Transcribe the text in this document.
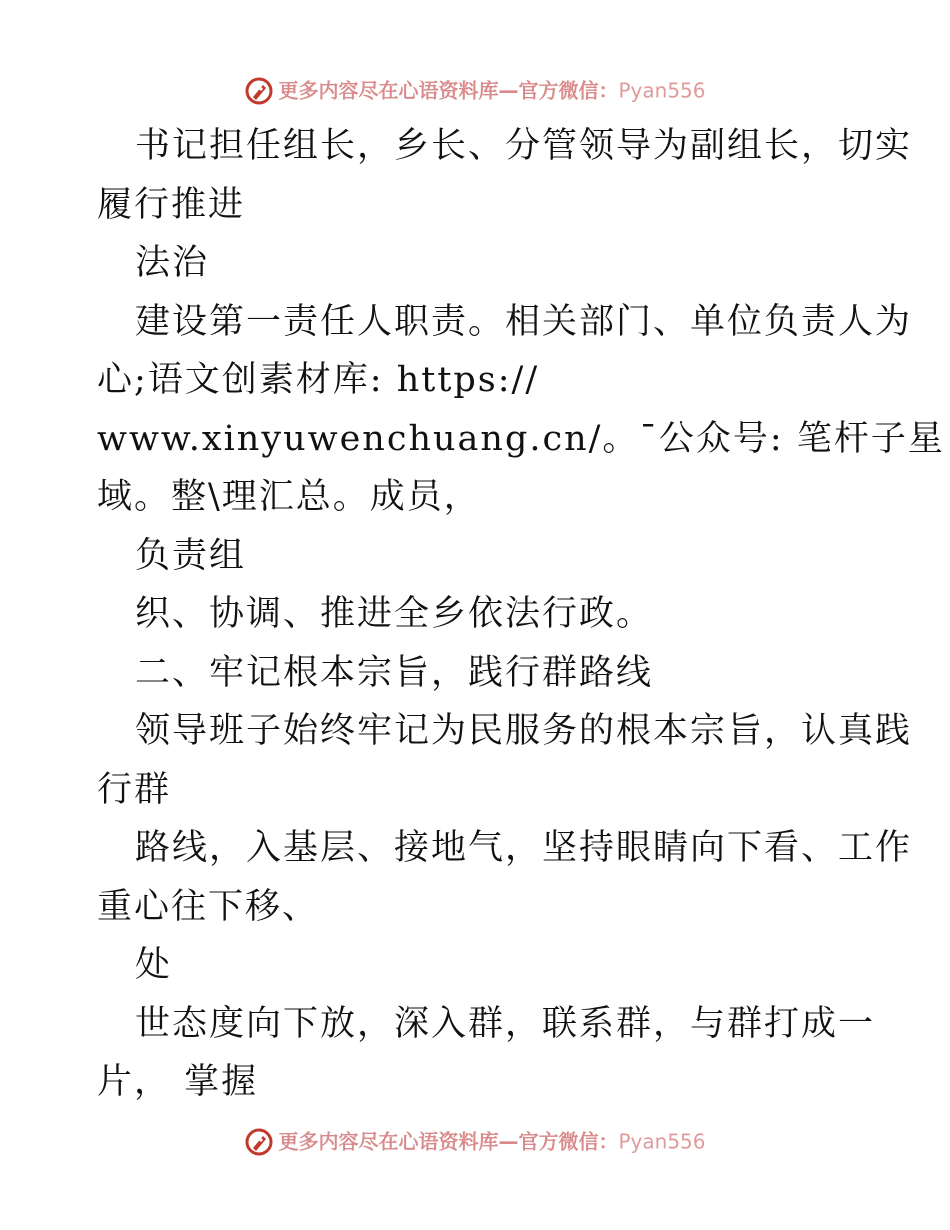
更多内容尽在心语资料库—官方微信：Pyan556
书记担任组长，乡长、分管领导为副组长，切实
履行推进
法治
建设第一责任人职责。相关部门、单位负责人为
心;语文创素材库: https://
www.xinyuwenchuang.cn/。¯公众号: 笔杆子星
域。整\理汇总。成员，
负责组
织、协调、推进全乡依法行政。
二、牢记根本宗旨，践行群路线
领导班子始终牢记为民服务的根本宗旨，认真践
行群
路线，入基层、接地气，坚持眼睛向下看、工作
重心往下移、
处
世态度向下放，深入群，联系群，与群打成一
片， 掌握
更多内容尽在心语资料库—官方微信：Pyan556
